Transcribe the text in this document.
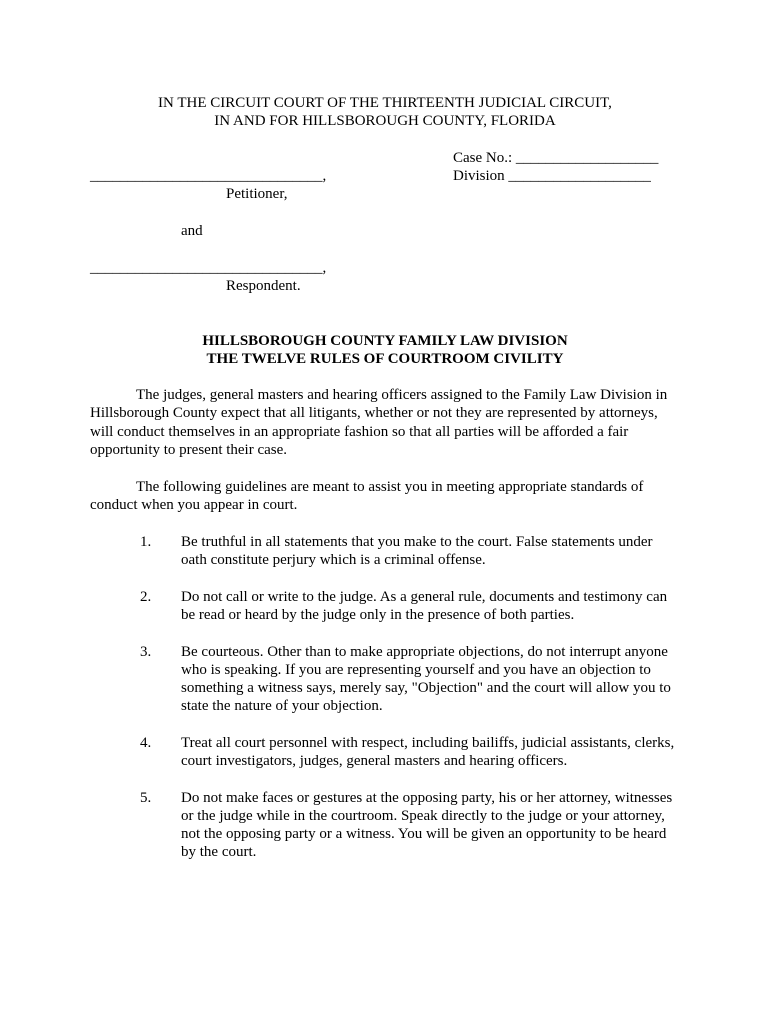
IN THE CIRCUIT COURT OF THE THIRTEENTH JUDICIAL CIRCUIT,
IN AND FOR HILLSBOROUGH COUNTY, FLORIDA
Case No.: ___________________
Division ___________________
_______________________________,
Petitioner,
and
_______________________________,
Respondent.
HILLSBOROUGH COUNTY FAMILY LAW DIVISION
THE TWELVE RULES OF COURTROOM CIVILITY
The judges, general masters and hearing officers assigned to the Family Law Division in
Hillsborough County expect that all litigants, whether or not they are represented by attorneys,
will conduct themselves in an appropriate fashion so that all parties will be afforded a fair
opportunity to present their case.
The following guidelines are meant to assist you in meeting appropriate standards of
conduct when you appear in court.
1. Be truthful in all statements that you make to the court. False statements under
oath constitute perjury which is a criminal offense.
2. Do not call or write to the judge. As a general rule, documents and testimony can
be read or heard by the judge only in the presence of both parties.
3. Be courteous. Other than to make appropriate objections, do not interrupt anyone
who is speaking. If you are representing yourself and you have an objection to
something a witness says, merely say, "Objection" and the court will allow you to
state the nature of your objection.
4. Treat all court personnel with respect, including bailiffs, judicial assistants, clerks,
court investigators, judges, general masters and hearing officers.
5. Do not make faces or gestures at the opposing party, his or her attorney, witnesses
or the judge while in the courtroom. Speak directly to the judge or your attorney,
not the opposing party or a witness. You will be given an opportunity to be heard
by the court.
